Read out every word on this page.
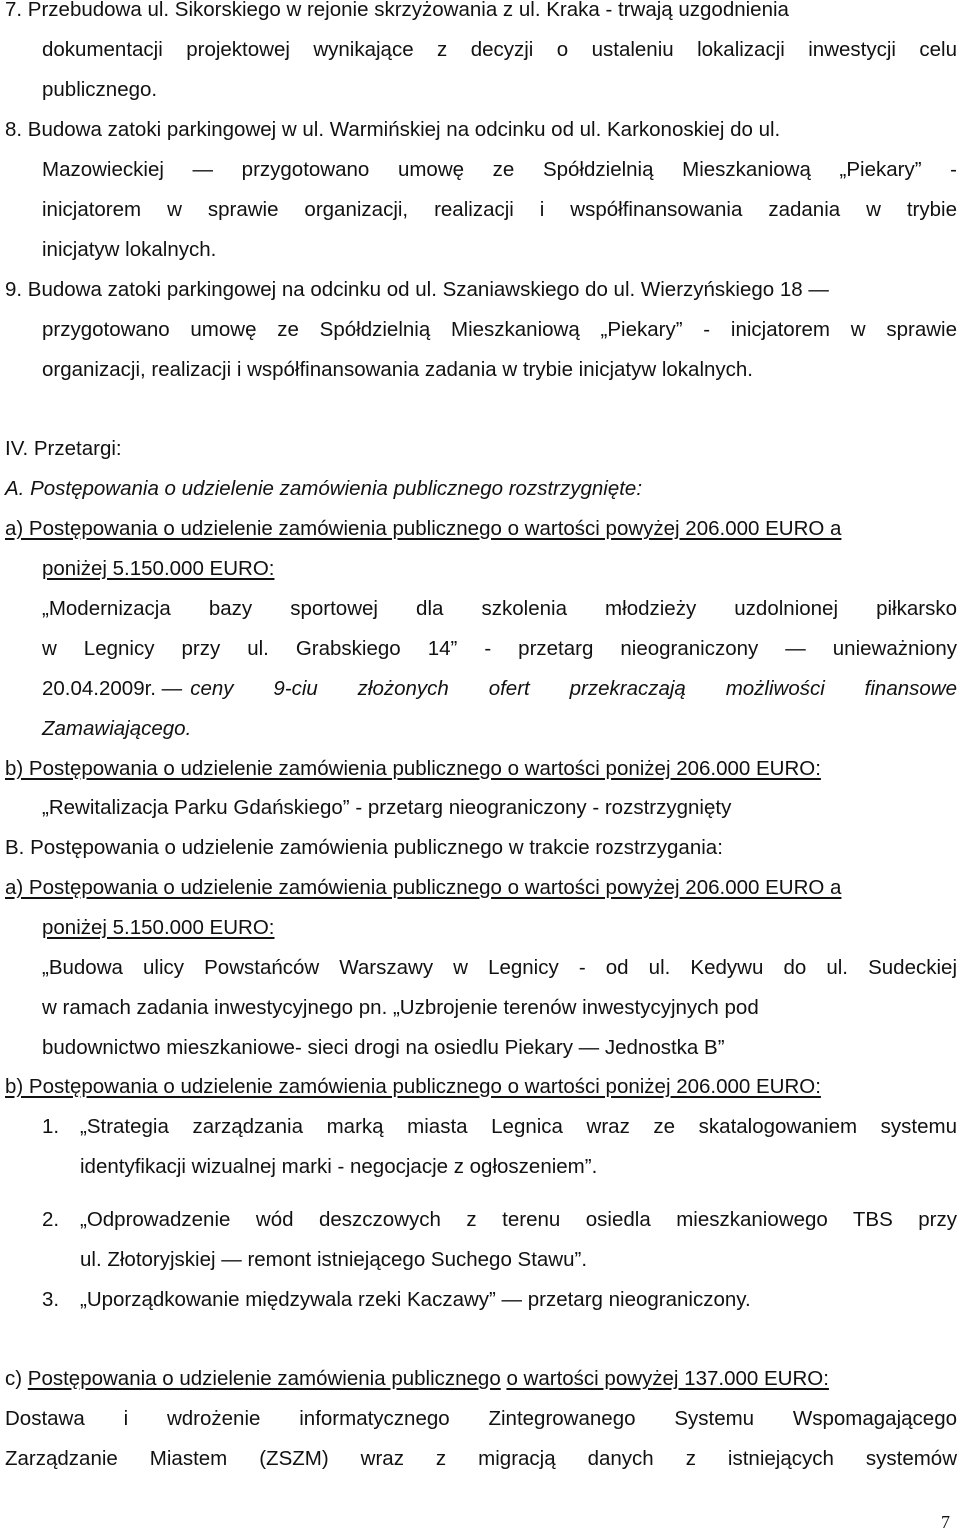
7. Przebudowa ul. Sikorskiego w rejonie skrzyżowania z ul. Kraka - trwają uzgodnienia
dokumentacji projektowej wynikające z decyzji o ustaleniu lokalizacji inwestycji celu
publicznego.
8. Budowa zatoki parkingowej w ul. Warmińskiej na odcinku od ul. Karkonoskiej do ul.
Mazowieckiej — przygotowano umowę ze Spółdzielnią Mieszkaniową „Piekary” -
inicjatorem w sprawie organizacji, realizacji i współfinansowania zadania w trybie
inicjatyw lokalnych.
9. Budowa zatoki parkingowej na odcinku od ul. Szaniawskiego do ul. Wierzyńskiego 18 —
przygotowano umowę ze Spółdzielnią Mieszkaniową „Piekary” - inicjatorem w sprawie
organizacji, realizacji i współfinansowania zadania w trybie inicjatyw lokalnych.
IV. Przetargi:
A. Postępowania o udzielenie zamówienia publicznego rozstrzygnięte:
a) Postępowania o udzielenie zamówienia publicznego o wartości powyżej 206.000 EURO a
poniżej 5.150.000 EURO:
„Modernizacja bazy sportowej dla szkolenia młodzieży uzdolnionej piłkarsko
w Legnicy przy ul. Grabskiego 14” - przetarg nieograniczony — unieważniony
20.04.2009r. — ceny 9-ciu złożonych ofert przekraczają możliwości finansowe
Zamawiającego.
b) Postępowania o udzielenie zamówienia publicznego o wartości poniżej 206.000 EURO:
„Rewitalizacja Parku Gdańskiego” - przetarg nieograniczony - rozstrzygnięty
B. Postępowania o udzielenie zamówienia publicznego w trakcie rozstrzygania:
a) Postępowania o udzielenie zamówienia publicznego o wartości powyżej 206.000 EURO a
poniżej 5.150.000 EURO:
„Budowa ulicy Powstańców Warszawy w Legnicy - od ul. Kedywu do ul. Sudeckiej
w ramach zadania inwestycyjnego pn. „Uzbrojenie terenów inwestycyjnych pod
budownictwo mieszkaniowe- sieci drogi na osiedlu Piekary — Jednostka B”
b) Postępowania o udzielenie zamówienia publicznego o wartości poniżej 206.000 EURO:
1. „Strategia zarządzania marką miasta Legnica wraz ze skatalogowaniem systemu
identyfikacji wizualnej marki - negocjacje z ogłoszeniem”.
2. „Odprowadzenie wód deszczowych z terenu osiedla mieszkaniowego TBS przy
ul. Złotoryjskiej — remont istniejącego Suchego Stawu”.
3. „Uporządkowanie międzywala rzeki Kaczawy” — przetarg nieograniczony.
c) Postępowania o udzielenie zamówienia publicznego o wartości powyżej 137.000 EURO:
Dostawa i wdrożenie informatycznego Zintegrowanego Systemu Wspomagającego
Zarządzanie Miastem (ZSZM) wraz z migracją danych z istniejących systemów
7
